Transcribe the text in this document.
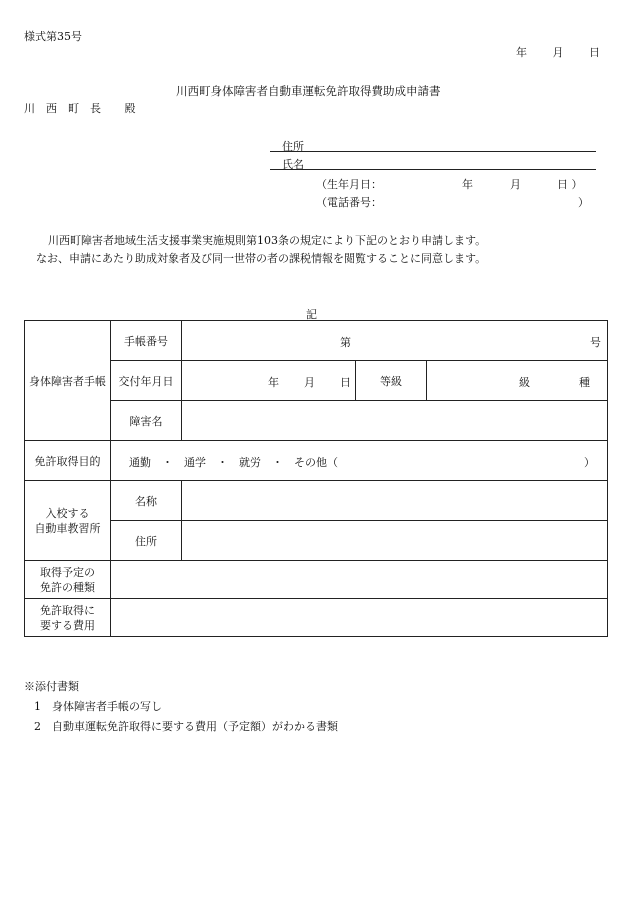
様式第35号
年 月 日
川西町身体障害者自動車運転免許取得費助成申請書
川　西　町　長 殿
住所
氏名
（生年月日：	年	月	日 ）
（電話番号：	）
川西町障害者地域生活支援事業実施規則第103条の規定により下記のとおり申請します。
なお、申請にあたり助成対象者及び同一世帯の者の課税情報を閲覧することに同意します。
記
身体障害者手帳	手帳番号	第 号		

	交付年月日	年 月 日	等級	級 種

	障害名			
免許取得目的	通勤　・　通学　・　就労　・　その他（ ）			

入校する
自動車教習所	名称			
	住所			

取得予定の
免許の種類				

免許取得に
要する費用				

※添付書類
1　身体障害者手帳の写し
2　自動車運転免許取得に要する費用（予定額）がわかる書類
